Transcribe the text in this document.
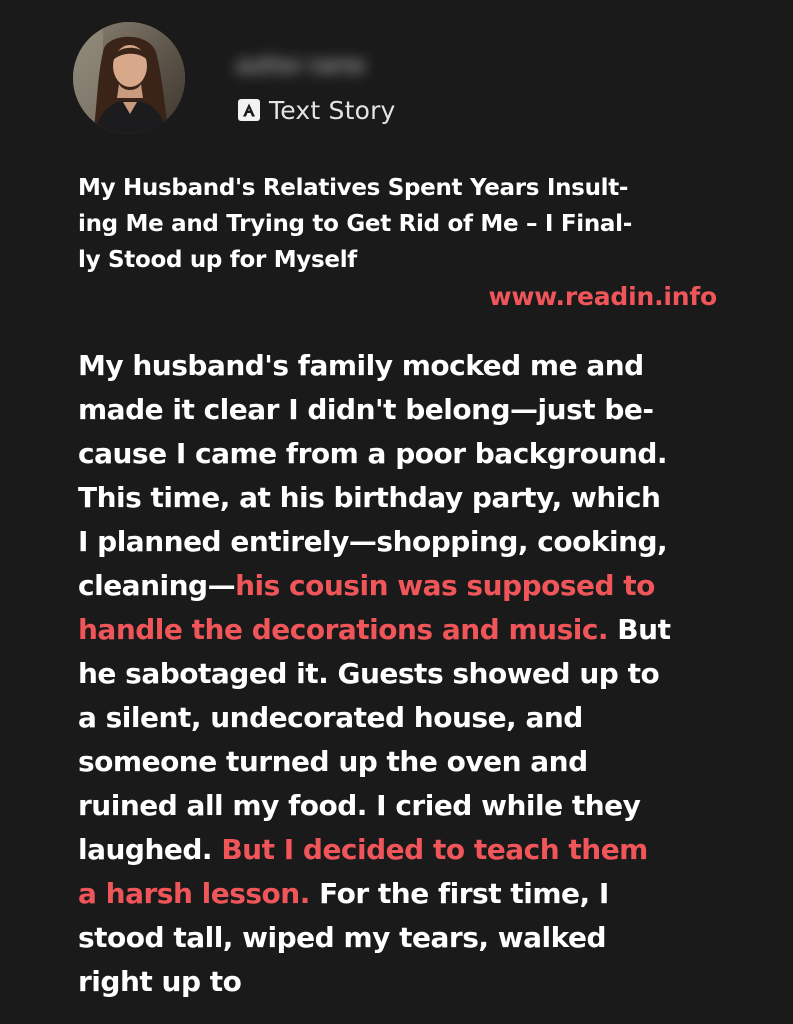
author name
Text Story
My Husband's Relatives Spent Years Insult-
ing Me and Trying to Get Rid of Me – I Final-
ly Stood up for Myself
www.readin.info
My husband's family mocked me and
made it clear I didn't belong—just be-
cause I came from a poor background.
This time, at his birthday party, which
I planned entirely—shopping, cooking,
cleaning—his cousin was supposed to
handle the decorations and music. But
he sabotaged it. Guests showed up to
a silent, undecorated house, and
someone turned up the oven and
ruined all my food. I cried while they
laughed. But I decided to teach them
a harsh lesson. For the first time, I
stood tall, wiped my tears, walked
right up to
